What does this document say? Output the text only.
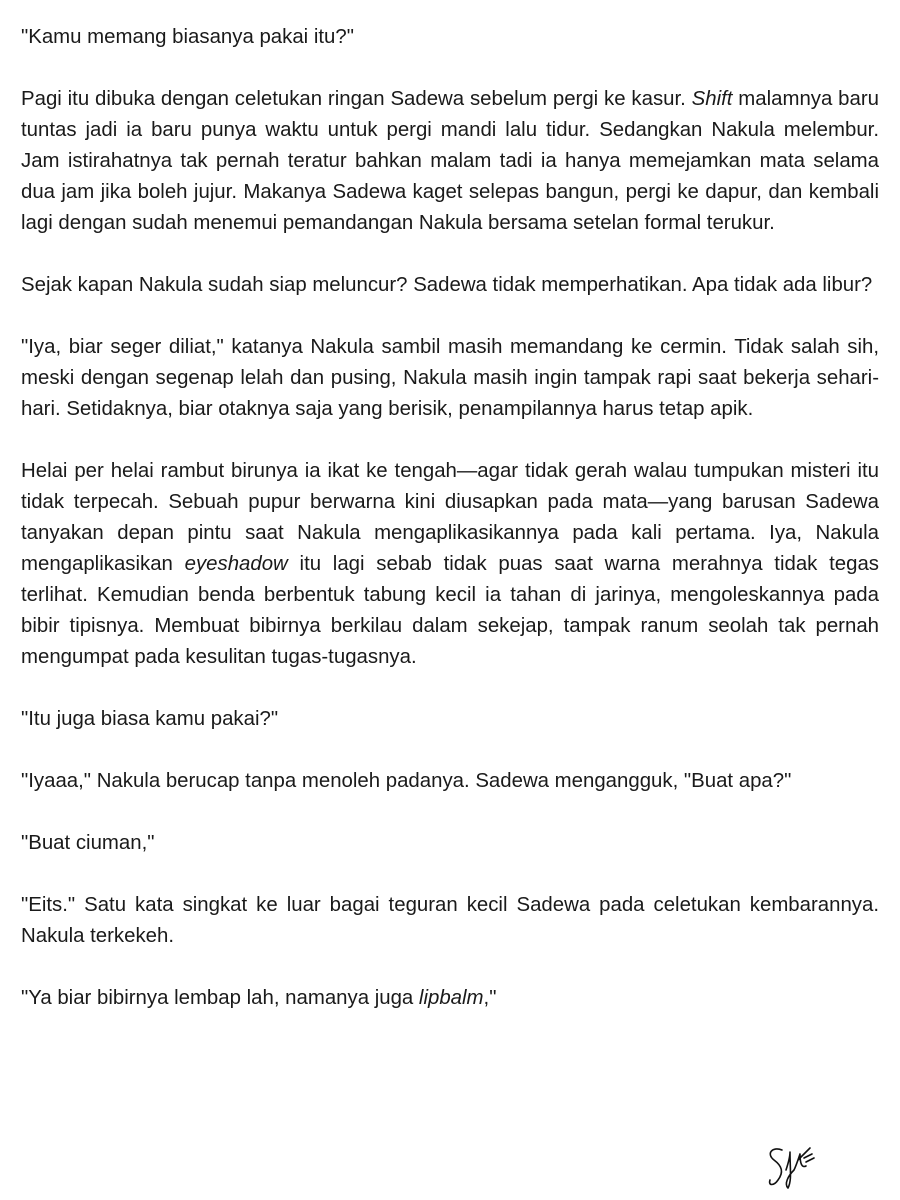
"Kamu memang biasanya pakai itu?"

Pagi itu dibuka dengan celetukan ringan Sadewa sebelum pergi ke kasur. Shift malamnya baru tuntas jadi ia baru punya waktu untuk pergi mandi lalu tidur. Sedangkan Nakula melembur. Jam istirahatnya tak pernah teratur bahkan malam tadi ia hanya memejamkan mata selama dua jam jika boleh jujur. Makanya Sadewa kaget selepas bangun, pergi ke dapur, dan kembali lagi dengan sudah menemui pemandangan Nakula bersama setelan formal terukur.

Sejak kapan Nakula sudah siap meluncur? Sadewa tidak memperhatikan. Apa tidak ada libur?

"Iya, biar seger diliat," katanya Nakula sambil masih memandang ke cermin. Tidak salah sih, meski dengan segenap lelah dan pusing, Nakula masih ingin tampak rapi saat bekerja sehari-hari. Setidaknya, biar otaknya saja yang berisik, penampilannya harus tetap apik.

Helai per helai rambut birunya ia ikat ke tengah—agar tidak gerah walau tumpukan misteri itu tidak terpecah. Sebuah pupur berwarna kini diusapkan pada mata—yang barusan Sadewa tanyakan depan pintu saat Nakula mengaplikasikannya pada kali pertama. Iya, Nakula mengaplikasikan eyeshadow itu lagi sebab tidak puas saat warna merahnya tidak tegas terlihat. Kemudian benda berbentuk tabung kecil ia tahan di jarinya, mengoleskannya pada bibir tipisnya. Membuat bibirnya berkilau dalam sekejap, tampak ranum seolah tak pernah mengumpat pada kesulitan tugas-tugasnya.

"Itu juga biasa kamu pakai?"

"Iyaaa," Nakula berucap tanpa menoleh padanya. Sadewa mengangguk, "Buat apa?"

"Buat ciuman,"

"Eits." Satu kata singkat ke luar bagai teguran kecil Sadewa pada celetukan kembarannya. Nakula terkekeh.

"Ya biar bibirnya lembap lah, namanya juga lipbalm,"
